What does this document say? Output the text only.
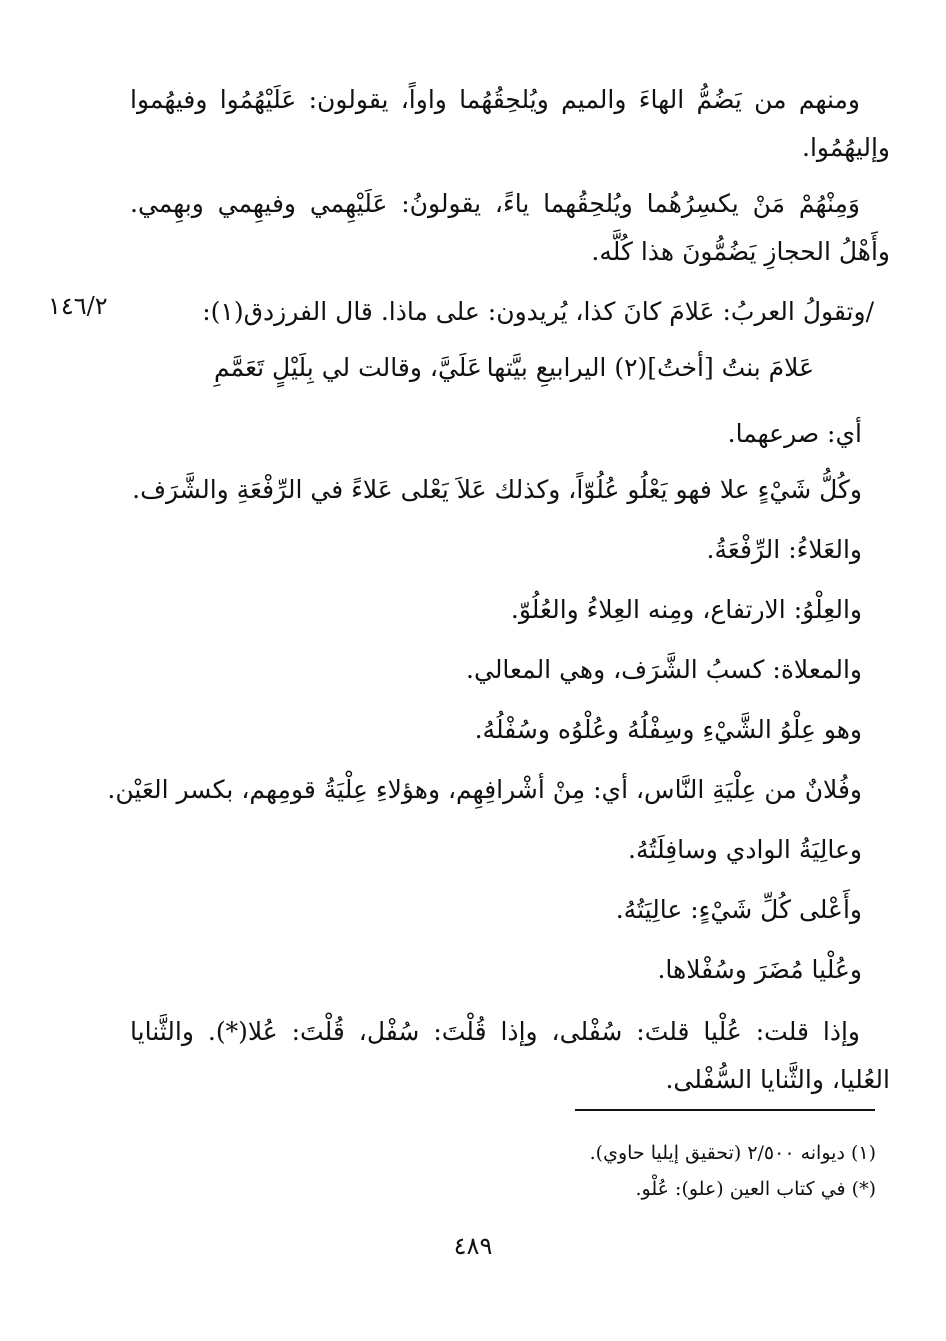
ومنهم من يَضُمُّ الهاءَ والميم ويُلحِقُهُما واواً، يقولون: عَلَيْهُمُوا وفيهُموا وإليهُمُوا.
وَمِنْهُمْ مَنْ يكسِرُهُما ويُلحِقُهما ياءً، يقولونُ: عَلَيْهِمي وفيهِمي وبهِمي. وأَهْلُ الحجازِ يَضُمُّونَ هذا كُلَّه.
/وتقولُ العربُ: عَلامَ كانَ كذا، يُريدون: على ماذا. قال الفرزدق(١):
١٤٦/٢
عَلامَ بنتُ [أختُ](٢) اليرابيعِ بيَّتها
عَلَيَّ، وقالت لي بِلَيْلٍ تَعَمَّمِ
أي: صرعهما.
وكُلُّ شَيْءٍ علا فهو يَعْلُو عُلُوّاً، وكذلك عَلاَ يَعْلى عَلاءً في الرِّفْعَةِ والشَّرَف.
والعَلاءُ: الرِّفْعَةُ.
والعِلْوُ: الارتفاع، ومِنه العِلاءُ والعُلُوّ.
والمعلاة: كسبُ الشَّرَف، وهي المعالي.
وهو عِلْوُ الشَّيْءِ وسِفْلُهُ وعُلْوُه وسُفْلُهُ.
وفُلانٌ من عِلْيَةِ النَّاس، أي: مِنْ أشْرافِهِم، وهؤلاءِ عِلْيَةُ قومِهم، بكسر العَيْن.
وعالِيَةُ الوادي وسافِلَتُهُ.
وأَعْلى كُلِّ شَيْءٍ: عالِيَتُهُ.
وعُلْيا مُضَرَ وسُفْلاها.
وإذا قلت: عُلْيا قلتَ: سُفْلى، وإذا قُلْتَ: سُفْل، قُلْتَ: عُلا(*). والثَّنايا العُليا، والثَّنايا السُّفْلى.
(١) ديوانه ٢/٥٠٠ (تحقيق إيليا حاوي).
(*) في كتاب العين (علو): عُلْو.
٤٨٩
